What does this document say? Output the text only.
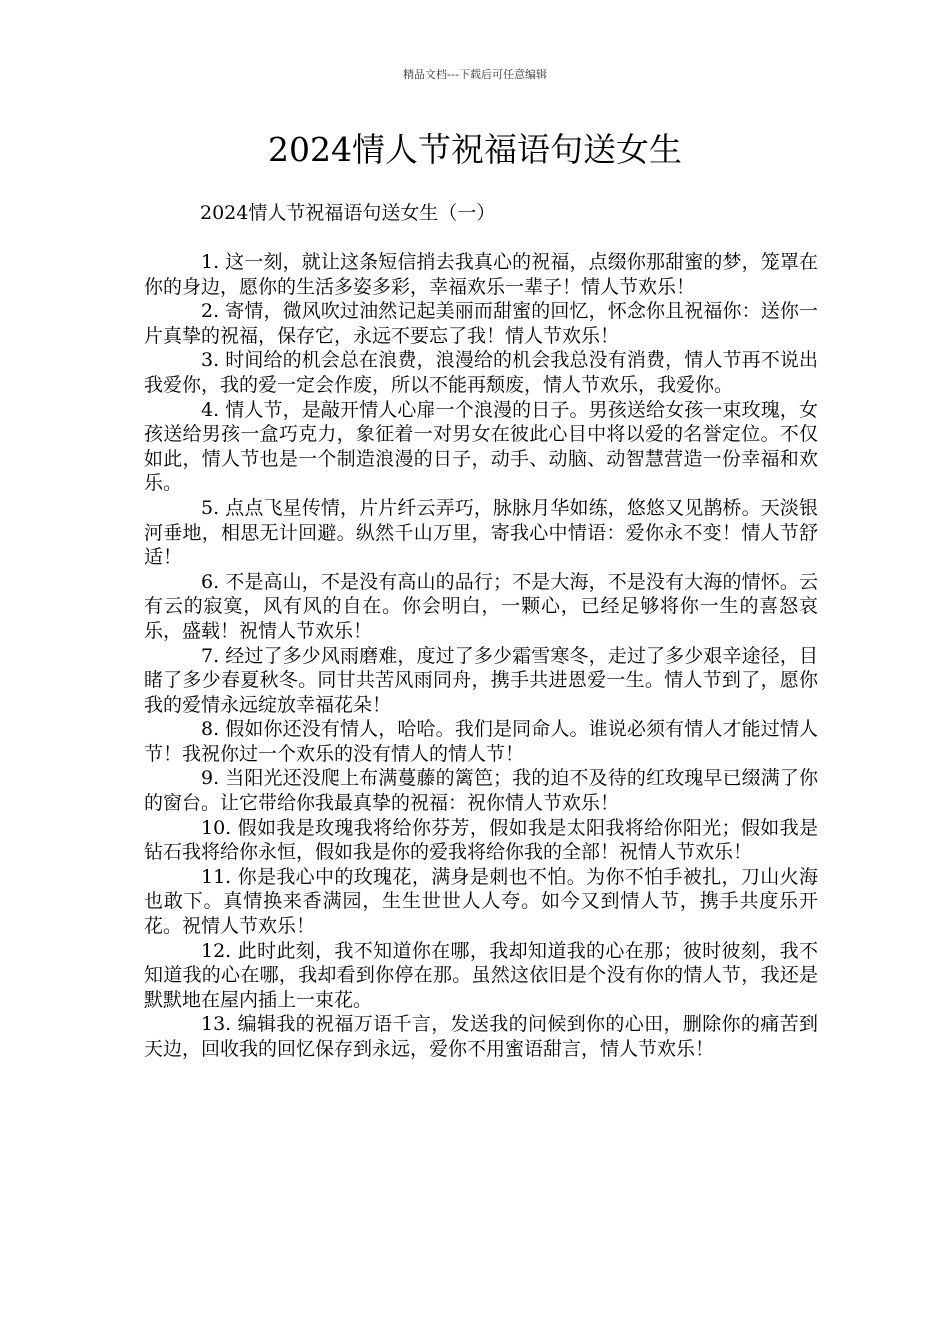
精品文档---下载后可任意编辑
2024情人节祝福语句送女生

2024情人节祝福语句送女生（一）

1. 这一刻，就让这条短信捎去我真心的祝福，点缀你那甜蜜的梦，笼罩在你的身边，愿你的生活多姿多彩，幸福欢乐一辈子！情人节欢乐！
2. 寄情，微风吹过油然记起美丽而甜蜜的回忆，怀念你且祝福你：送你一片真挚的祝福，保存它，永远不要忘了我！情人节欢乐！
3. 时间给的机会总在浪费，浪漫给的机会我总没有消费，情人节再不说出我爱你，我的爱一定会作废，所以不能再颓废，情人节欢乐，我爱你。
4. 情人节，是敲开情人心扉一个浪漫的日子。男孩送给女孩一束玫瑰，女孩送给男孩一盒巧克力，象征着一对男女在彼此心目中将以爱的名誉定位。不仅如此，情人节也是一个制造浪漫的日子，动手、动脑、动智慧营造一份幸福和欢乐。
5. 点点飞星传情，片片纤云弄巧，脉脉月华如练，悠悠又见鹊桥。天淡银河垂地，相思无计回避。纵然千山万里，寄我心中情语：爱你永不变！情人节舒适！
6. 不是高山，不是没有高山的品行；不是大海，不是没有大海的情怀。云有云的寂寞，风有风的自在。你会明白，一颗心，已经足够将你一生的喜怒哀乐，盛载！祝情人节欢乐！
7. 经过了多少风雨磨难，度过了多少霜雪寒冬，走过了多少艰辛途径，目睹了多少春夏秋冬。同甘共苦风雨同舟，携手共进恩爱一生。情人节到了，愿你我的爱情永远绽放幸福花朵！
8. 假如你还没有情人，哈哈。我们是同命人。谁说必须有情人才能过情人节！我祝你过一个欢乐的没有情人的情人节！
9. 当阳光还没爬上布满蔓藤的篱笆；我的迫不及待的红玫瑰早已缀满了你的窗台。让它带给你我最真挚的祝福：祝你情人节欢乐！
10. 假如我是玫瑰我将给你芬芳，假如我是太阳我将给你阳光；假如我是钻石我将给你永恒，假如我是你的爱我将给你我的全部！祝情人节欢乐！
11. 你是我心中的玫瑰花，满身是刺也不怕。为你不怕手被扎，刀山火海也敢下。真情换来香满园，生生世世人人夸。如今又到情人节，携手共度乐开花。祝情人节欢乐！
12. 此时此刻，我不知道你在哪，我却知道我的心在那；彼时彼刻，我不知道我的心在哪，我却看到你停在那。虽然这依旧是个没有你的情人节，我还是默默地在屋内插上一束花。
13. 编辑我的祝福万语千言，发送我的问候到你的心田，删除你的痛苦到天边，回收我的回忆保存到永远，爱你不用蜜语甜言，情人节欢乐！
